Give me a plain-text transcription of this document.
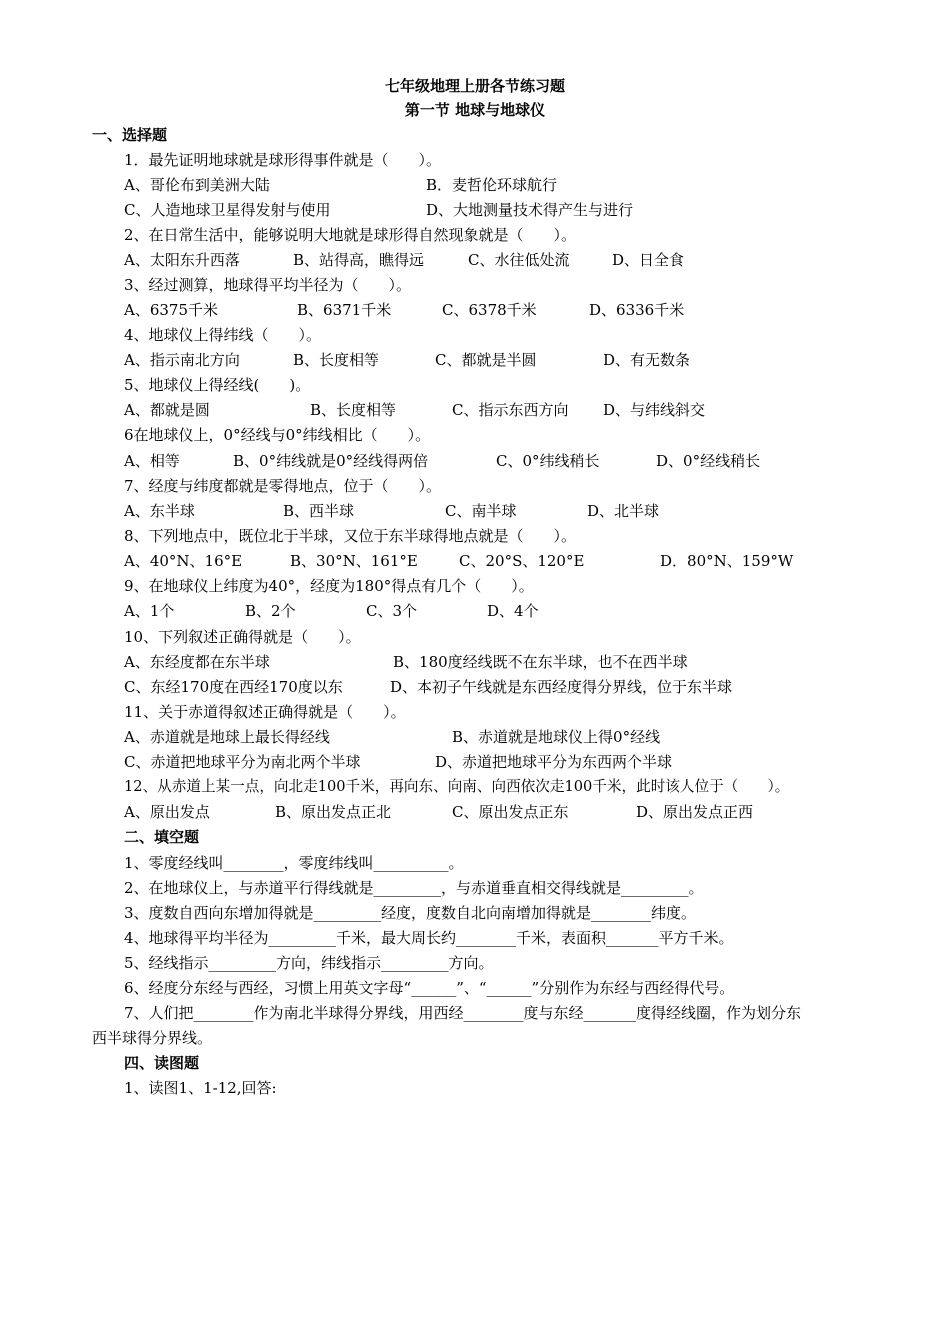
七年级地理上册各节练习题
第一节 地球与地球仪
一、选择题
1．最先证明地球就是球形得事件就是（　　）。
A、哥伦布到美洲大陆	B．麦哲伦环球航行
C、人造地球卫星得发射与使用	D、大地测量技术得产生与进行
2、在日常生活中，能够说明大地就是球形得自然现象就是（　　）。
A、太阳东升西落	B、站得高，瞧得远	C、水往低处流	D、日全食
3、经过测算，地球得平均半径为（　　）。
A、6375千米	B、6371千米	C、6378千米	D、6336千米
4、地球仪上得纬线（　　）。
A、指示南北方向	B、长度相等	C、都就是半圆	D、有无数条
5、地球仪上得经线(　　)。
A、都就是圆	B、长度相等	C、指示东西方向 D、与纬线斜交
6在地球仪上，0°经线与0°纬线相比（　　）。
A、相等	B、0°纬线就是0°经线得两倍	C、0°纬线稍长	D、0°经线稍长
7、经度与纬度都就是零得地点，位于（　　）。
A、东半球	B、西半球	C、南半球	D、北半球
8、下列地点中，既位北于半球，又位于东半球得地点就是（　　）。
A、40°N、16°E	B、30°N、161°E	C、20°S、120°E	D．80°N、159°W
9、在地球仪上纬度为40°，经度为180°得点有几个（　　）。
A、1个	B、2个	C、3个	D、4个
10、下列叙述正确得就是（　　）。
A、东经度都在东半球	B、180度经线既不在东半球，也不在西半球
C、东经170度在西经170度以东	D、本初子午线就是东西经度得分界线，位于东半球
11、关于赤道得叙述正确得就是（　　）。
A、赤道就是地球上最长得经线	B、赤道就是地球仪上得0°经线
C、赤道把地球平分为南北两个半球	D、赤道把地球平分为东西两个半球
12、从赤道上某一点，向北走100千米，再向东、向南、向西依次走100千米，此时该人位于（　　）。
A、原出发点	B、原出发点正北	C、原出发点正东	D、原出发点正西
二、填空题
1、零度经线叫________，零度纬线叫__________。
2、在地球仪上，与赤道平行得线就是_________，与赤道垂直相交得线就是_________。
3、度数自西向东增加得就是_________经度，度数自北向南增加得就是________纬度。
4、地球得平均半径为_________千米，最大周长约________千米，表面积_______平方千米。
5、经线指示_________方向，纬线指示_________方向。
6、经度分东经与西经，习惯上用英文字母“______”、“______”分别作为东经与西经得代号。
7、人们把________作为南北半球得分界线，用西经________度与东经_______度得经线圈，作为划分东
西半球得分界线。
四、读图题
1、读图1、1-12,回答:
